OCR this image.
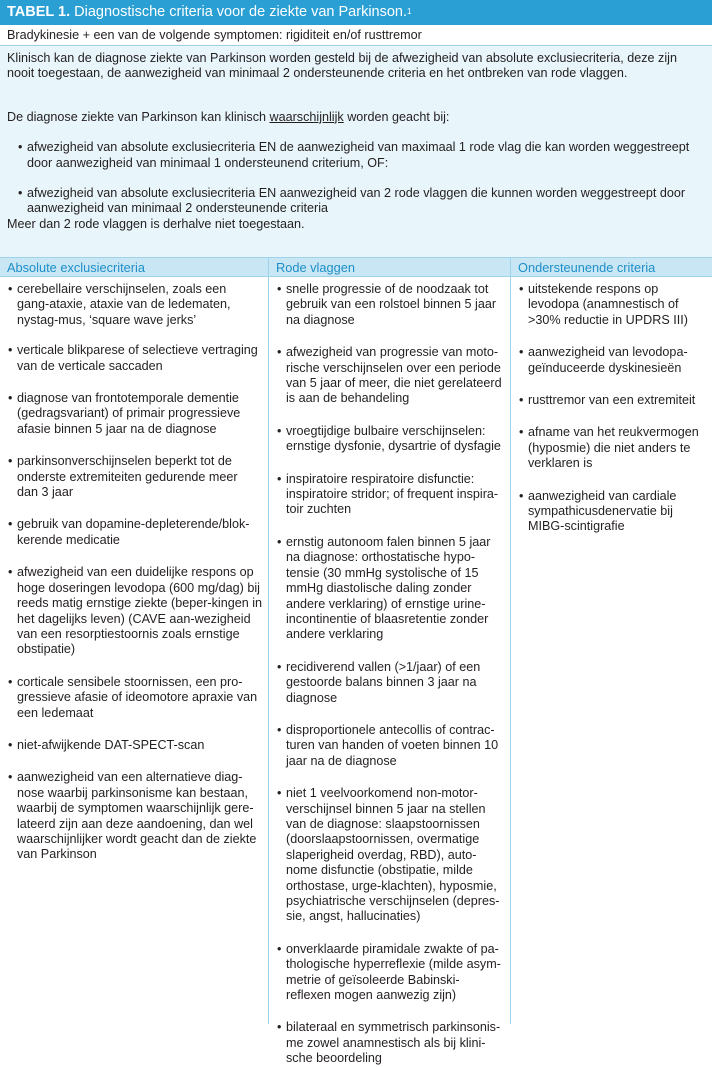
TABEL 1. Diagnostische criteria voor de ziekte van Parkinson.$^1$
Bradykinesie + een van de volgende symptomen: rigiditeit en/of rusttremor

Klinisch kan de diagnose ziekte van Parkinson worden gesteld bij de afwezigheid van absolute exclusiecriteria, deze zijn nooit toegestaan, de aanwezigheid van minimaal 2 ondersteunende criteria en het ontbreken van rode vlaggen.

De diagnose ziekte van Parkinson kan klinisch waarschijnlijk worden geacht bij:

• afwezigheid van absolute exclusiecriteria EN de aanwezigheid van maximaal 1 rode vlag die kan worden weggestreept door aanwezigheid van minimaal 1 ondersteunend criterium, OF:
• afwezigheid van absolute exclusiecriteria EN aanwezigheid van 2 rode vlaggen die kunnen worden weggestreept door aanwezigheid van minimaal 2 ondersteunende criteria

Meer dan 2 rode vlaggen is derhalve niet toegestaan.

Absolute exclusiecriteria
• cerebellaire verschijnselen, zoals een gang-ataxie, ataxie van de ledematen, nystag-mus, ‘square wave jerks’
• verticale blikparese of selectieve vertraging van de verticale saccaden
• diagnose van frontotemporale dementie (gedragsvariant) of primair progressieve afasie binnen 5 jaar na de diagnose
• parkinsonverschijnselen beperkt tot de onderste extremiteiten gedurende meer dan 3 jaar
• gebruik van dopamine-depleterende/blok-kerende medicatie
• afwezigheid van een duidelijke respons op hoge doseringen levodopa (600 mg/dag) bij reeds matig ernstige ziekte (beper-kingen in het dagelijks leven) (CAVE aan-wezigheid van een resorptiestoornis zoals ernstige obstipatie)
• corticale sensibele stoornissen, een pro-gressieve afasie of ideomotore apraxie van een ledemaat
• niet-afwijkende DAT-SPECT-scan
• aanwezigheid van een alternatieve diag-nose waarbij parkinsonisme kan bestaan, waarbij de symptomen waarschijnlijk gere-lateerd zijn aan deze aandoening, dan wel waarschijnlijker wordt geacht dan de ziekte van Parkinson
Rode vlaggen
• snelle progressie of de noodzaak tot gebruik van een rolstoel binnen 5 jaar na diagnose
• afwezigheid van progressie van moto-rische verschijnselen over een periode van 5 jaar of meer, die niet gerelateerd is aan de behandeling
• vroegtijdige bulbaire verschijnselen: ernstige dysfonie, dysartrie of dysfagie
• inspiratoire respiratoire disfunctie: inspiratoire stridor; of frequent inspira-toir zuchten
• ernstig autonoom falen binnen 5 jaar na diagnose: orthostatische hypo-tensie (30 mmHg systolische of 15 mmHg diastolische daling zonder andere verklaring) of ernstige urine-incontinentie of blaasretentie zonder andere verklaring
• recidiverend vallen (>1/jaar) of een gestoorde balans binnen 3 jaar na diagnose
• disproportionele antecollis of contrac-turen van handen of voeten binnen 10 jaar na de diagnose
• niet 1 veelvoorkomend non-motor-verschijnsel binnen 5 jaar na stellen van de diagnose: slaapstoornissen (doorslaapstoornissen, overmatige slaperigheid overdag, RBD), auto-nome disfunctie (obstipatie, milde orthostase, urge-klachten), hyposmie, psychiatrische verschijnselen (depres-sie, angst, hallucinaties)
• onverklaarde piramidale zwakte of pa-thologische hyperreflexie (milde asym-metrie of geïsoleerde Babinski-reflexen mogen aanwezig zijn)
• bilateraal en symmetrisch parkinsonis-me zowel anamnestisch als bij klini-sche beoordeling
Ondersteunende criteria
• uitstekende respons op levodopa (anamnestisch of >30% reductie in UPDRS III)
• aanwezigheid van levodopa-geïnduceerde dyskinesieën
• rusttremor van een extremiteit
• afname van het reukvermogen (hyposmie) die niet anders te verklaren is
• aanwezigheid van cardiale sympathicusdenervatie bij MIBG-scintigrafie
